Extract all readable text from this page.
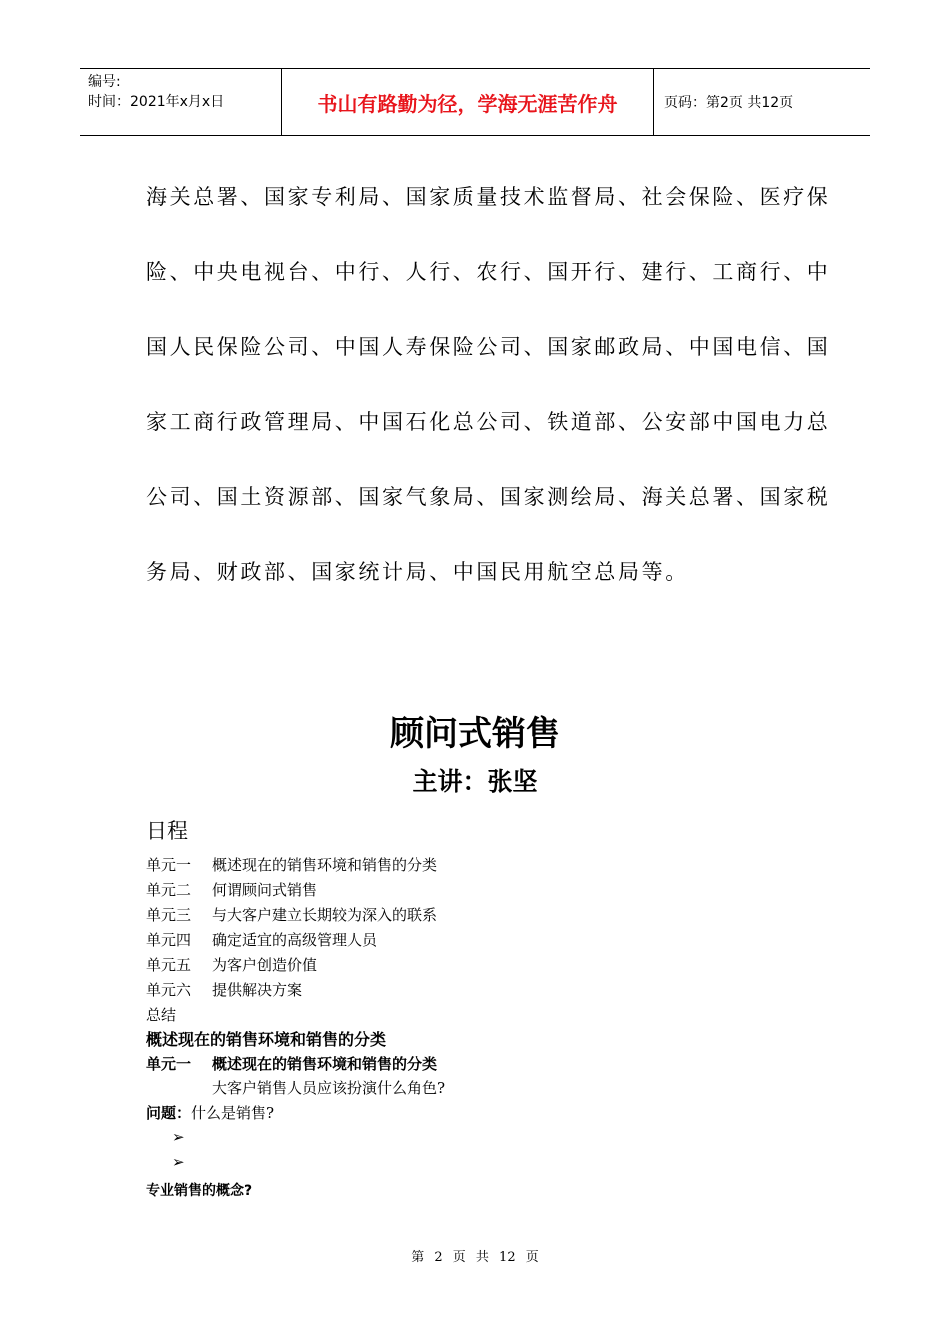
编号:
时间：2021年x月x日	书山有路勤为径，学海无涯苦作舟	页码：第2页 共12页
海关总署、国家专利局、国家质量技术监督局、社会保险、医疗保
险、中央电视台、中行、人行、农行、国开行、建行、工商行、中
国人民保险公司、中国人寿保险公司、国家邮政局、中国电信、国
家工商行政管理局、中国石化总公司、铁道部、公安部中国电力总
公司、国土资源部、国家气象局、国家测绘局、海关总署、国家税
务局、财政部、国家统计局、中国民用航空总局等。
顾问式销售
主讲：张坚
日程
单元一	概述现在的销售环境和销售的分类
单元二	何谓顾问式销售
单元三	与大客户建立长期较为深入的联系
单元四	确定适宜的高级管理人员
单元五	为客户创造价值
单元六	提供解决方案
总结
概述现在的销售环境和销售的分类
单元一	概述现在的销售环境和销售的分类
大客户销售人员应该扮演什么角色?
问题：什么是销售?
➢
➢
专业销售的概念?
第 2 页 共 12 页
